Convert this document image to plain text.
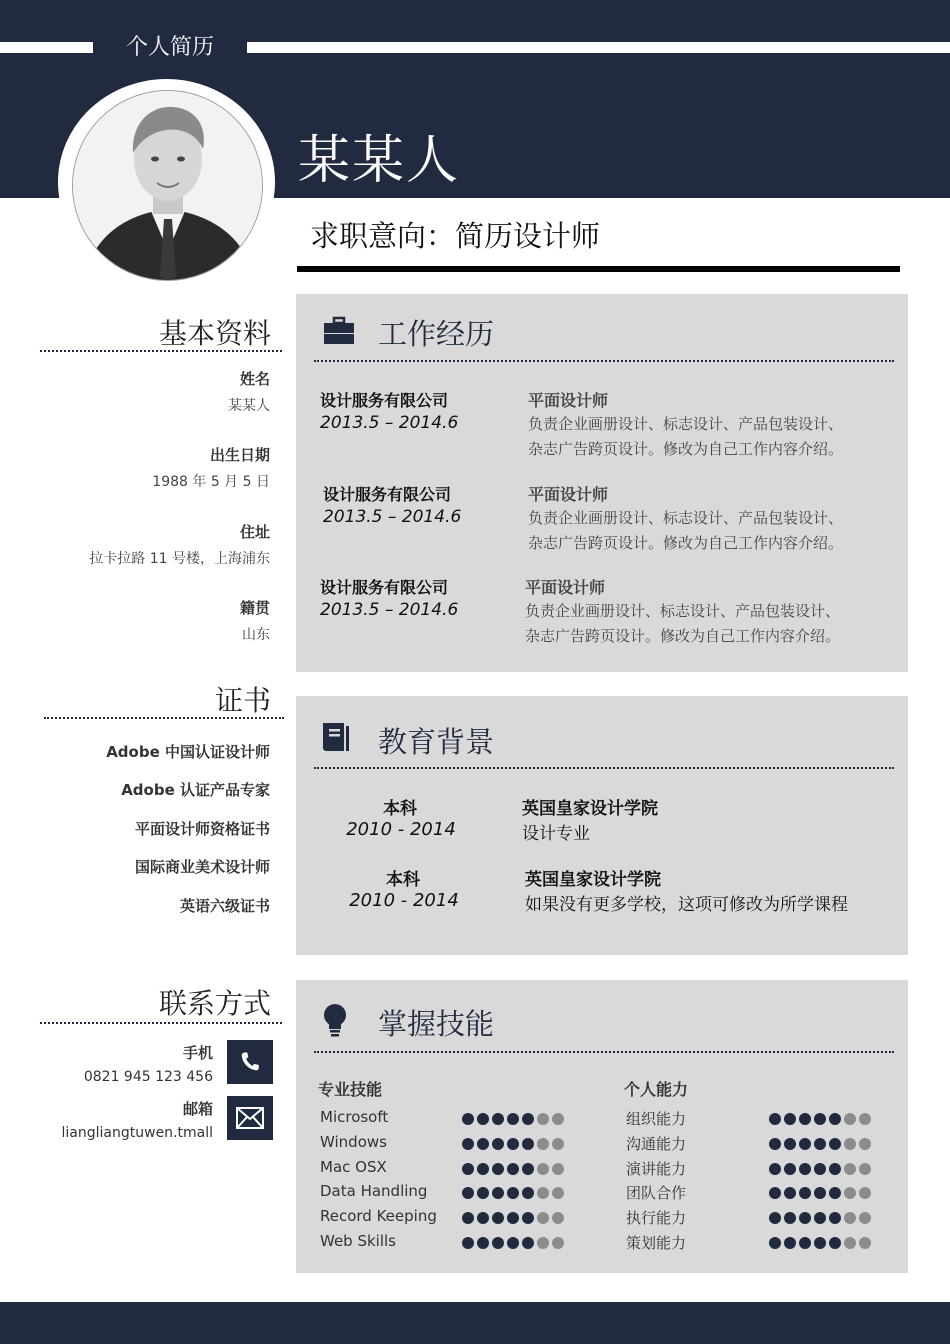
个人简历
某某人
求职意向：简历设计师
基本资料
姓名
某某人
出生日期
1988 年 5 月 5 日
住址
拉卡拉路 11 号楼，上海浦东
籍贯
山东
证书
Adobe 中国认证设计师
Adobe 认证产品专家
平面设计师资格证书
国际商业美术设计师
英语六级证书
联系方式
手机
0821 945 123 456
邮箱
liangliangtuwen.tmall
工作经历
设计服务有限公司
2013.5 – 2014.6
平面设计师
负责企业画册设计、标志设计、产品包装设计、
杂志广告跨页设计。修改为自己工作内容介绍。
设计服务有限公司
2013.5 – 2014.6
平面设计师
负责企业画册设计、标志设计、产品包装设计、
杂志广告跨页设计。修改为自己工作内容介绍。
设计服务有限公司
2013.5 – 2014.6
平面设计师
负责企业画册设计、标志设计、产品包装设计、
杂志广告跨页设计。修改为自己工作内容介绍。
教育背景
本科
2010 - 2014
英国皇家设计学院
设计专业
本科
2010 - 2014
英国皇家设计学院
如果没有更多学校，这项可修改为所学课程
掌握技能
专业技能	个人能力
Microsoft
Windows
Mac OSX
Data Handling
Record Keeping
Web Skills
组织能力
沟通能力
演讲能力
团队合作
执行能力
策划能力
